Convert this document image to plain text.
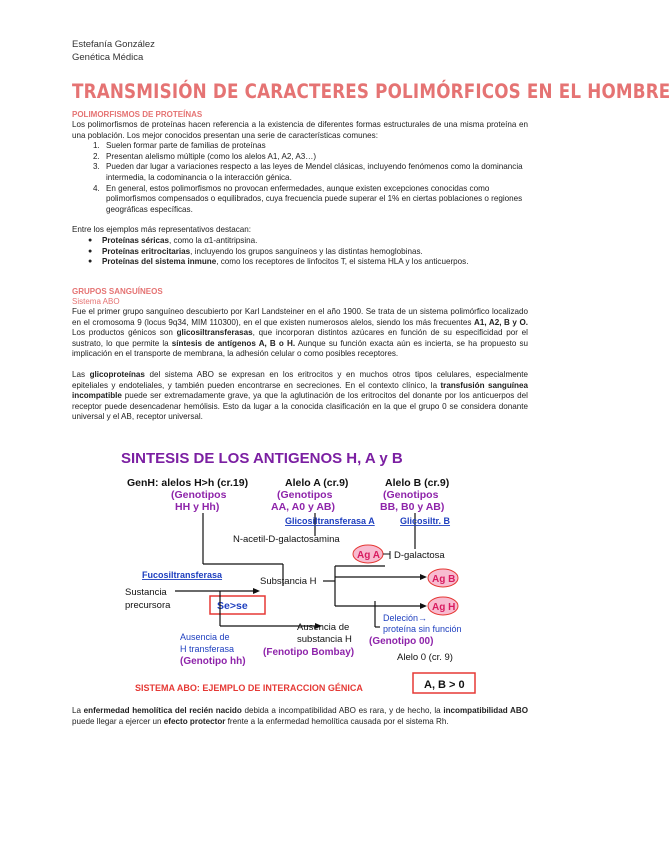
Estefanía González
Genética Médica
TRANSMISIÓN DE CARACTERES POLIMÓRFICOS EN EL HOMBRE
POLIMORFISMOS DE PROTEÍNAS

Los polimorfismos de proteínas hacen referencia a la existencia de diferentes formas estructurales de una misma proteína en una población. Los mejor conocidos presentan una serie de características comunes:

1. Suelen formar parte de familias de proteínas
2. Presentan alelismo múltiple (como los alelos A1, A2, A3…)
3. Pueden dar lugar a variaciones respecto a las leyes de Mendel clásicas, incluyendo fenómenos como la dominancia intermedia, la codominancia o la interacción génica.
4. En general, estos polimorfismos no provocan enfermedades, aunque existen excepciones conocidas como polimorfismos compensados o equilibrados, cuya frecuencia puede superar el 1% en ciertas poblaciones o regiones geográficas específicas.

Entre los ejemplos más representativos destacan:

● Proteínas séricas, como la α1-antitripsina.
● Proteínas eritrocitarias, incluyendo los grupos sanguíneos y las distintas hemoglobinas.
● Proteínas del sistema inmune, como los receptores de linfocitos T, el sistema HLA y los anticuerpos.
GRUPOS SANGUÍNEOS
Sistema ABO

Fue el primer grupo sanguíneo descubierto por Karl Landsteiner en el año 1900. Se trata de un sistema polimórfico localizado en el cromosoma 9 (locus 9q34, MIM 110300), en el que existen numerosos alelos, siendo los más frecuentes A1, A2, B y O. Los productos génicos son glicosiltransferasas, que incorporan distintos azúcares en función de su especificidad por el sustrato, lo que permite la síntesis de antígenos A, B o H. Aunque su función exacta aún es incierta, se ha propuesto su implicación en el transporte de membrana, la adhesión celular o como posibles receptores.

Las glicoproteínas del sistema ABO se expresan en los eritrocitos y en muchos otros tipos celulares, especialmente epiteliales y endoteliales, y también pueden encontrarse en secreciones. En el contexto clínico, la transfusión sanguínea incompatible puede ser extremadamente grave, ya que la aglutinación de los eritrocitos del donante por los anticuerpos del receptor puede desencadenar hemólisis. Esto da lugar a la conocida clasificación en la que el grupo 0 se considera donante universal y el AB, receptor universal.

SINTESIS DE LOS ANTIGENOS H, A y B
GenH: alelos H>h (cr.19)
(Genotipos
HH y Hh)
Alelo A (cr.9)
(Genotipos
AA, A0 y AB)
Alelo B (cr.9)
(Genotipos
BB, B0 y AB)
Glicosiltransferasa A	Glicosiltr. B
N-acetil-D-galactosamina
Ag A D-galactosa
Fucosiltransferasa
Sustancia
precursora
Substancia H	Ag B
Ag H
Se>se
Ausencia de
H transferasa
(Genotipo hh)
Ausencia de
substancia H
(Fenotipo Bombay)
Deleción→
proteína sin función
(Genotipo 00)
Alelo 0 (cr. 9)
SISTEMA ABO: EJEMPLO DE INTERACCION GÉNICA	A, B > 0

La enfermedad hemolítica del recién nacido debida a incompatibilidad ABO es rara, y de hecho, la incompatibilidad ABO puede llegar a ejercer un efecto protector frente a la enfermedad hemolítica causada por el sistema Rh.
